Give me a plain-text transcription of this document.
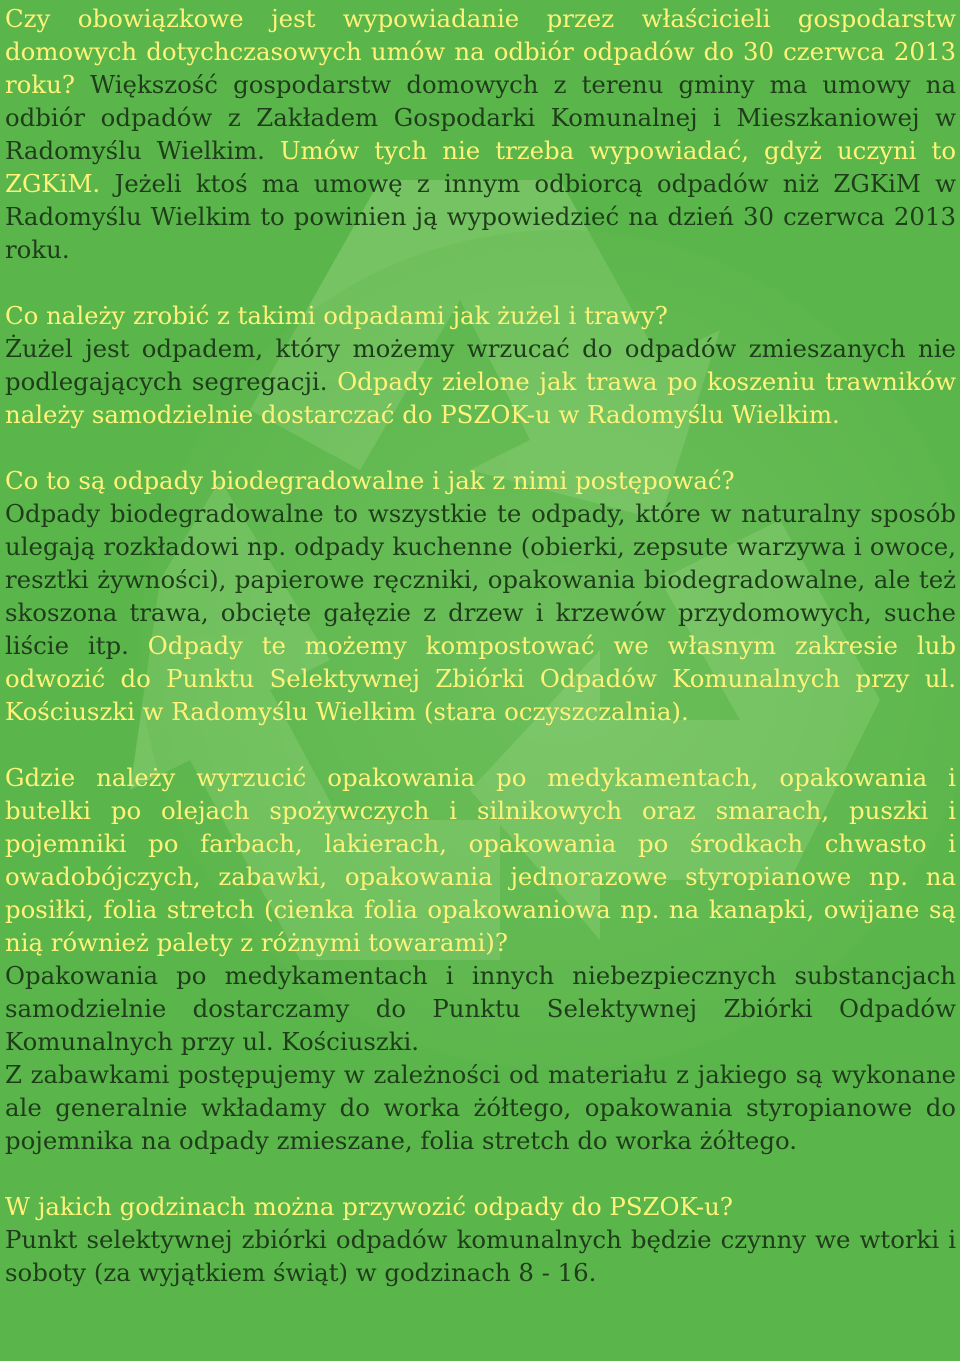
Czy obowiązkowe jest wypowiadanie przez właścicieli gospodarstw domowych dotychczasowych umów na odbiór odpadów do 30 czerwca 2013 roku? Większość gospodarstw domowych z terenu gminy ma umowy na odbiór odpadów z Zakładem Gospodarki Komunalnej i Mieszkaniowej w Radomyślu Wielkim. Umów tych nie trzeba wypowiadać, gdyż uczyni to ZGKiM. Jeżeli ktoś ma umowę z innym odbiorcą odpadów niż ZGKiM w Radomyślu Wielkim to powinien ją wypowiedzieć na dzień 30 czerwca 2013 roku.

Co należy zrobić z takimi odpadami jak żużel i trawy?
Żużel jest odpadem, który możemy wrzucać do odpadów zmieszanych nie podlegających segregacji. Odpady zielone jak trawa po koszeniu trawników należy samodzielnie dostarczać do PSZOK-u w Radomyślu Wielkim.

Co to są odpady biodegradowalne i jak z nimi postępować?
Odpady biodegradowalne to wszystkie te odpady, które w naturalny sposób ulegają rozkładowi np. odpady kuchenne (obierki, zepsute warzywa i owoce, resztki żywności), papierowe ręczniki, opakowania biodegradowalne, ale też skoszona trawa, obcięte gałęzie z drzew i krzewów przydomowych, suche liście itp. Odpady te możemy kompostować we własnym zakresie lub odwozić do Punktu Selektywnej Zbiórki Odpadów Komunalnych przy ul. Kościuszki w Radomyślu Wielkim (stara oczyszczalnia).

Gdzie należy wyrzucić opakowania po medykamentach, opakowania i butelki po olejach spożywczych i silnikowych oraz smarach, puszki i pojemniki po farbach, lakierach, opakowania po środkach chwasto i owadobójczych, zabawki, opakowania jednorazowe styropianowe np. na posiłki, folia stretch (cienka folia opakowaniowa np. na kanapki, owijane są nią również palety z różnymi towarami)?
Opakowania po medykamentach i innych niebezpiecznych substancjach samodzielnie dostarczamy do Punktu Selektywnej Zbiórki Odpadów Komunalnych przy ul. Kościuszki.
Z zabawkami postępujemy w zależności od materiału z jakiego są wykonane ale generalnie wkładamy do worka żółtego, opakowania styropianowe do pojemnika na odpady zmieszane, folia stretch do worka żółtego.

W jakich godzinach można przywozić odpady do PSZOK-u?
Punkt selektywnej zbiórki odpadów komunalnych będzie czynny we wtorki i soboty (za wyjątkiem świąt) w godzinach 8 - 16.
